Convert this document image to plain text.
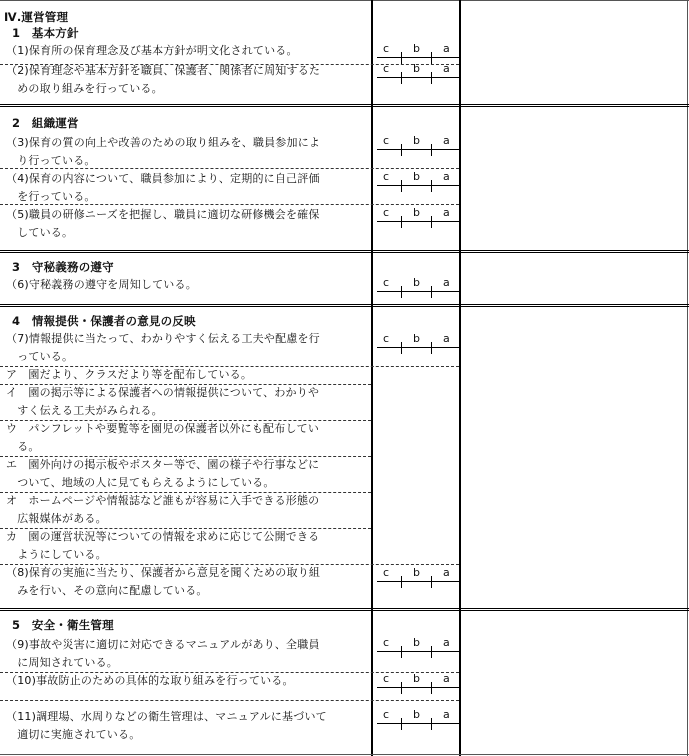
Ⅳ.運営管理
1　基本方針
（1)保育所の保育理念及び基本方針が明文化されている。	c b a
（2)保育理念や基本方針を職員、保護者、関係者に周知するた
　めの取り組みを行っている。
c b a
2　組織運営
（3)保育の質の向上や改善のための取り組みを、職員参加によ
　り行っている。
c b a
（4)保育の内容について、職員参加により、定期的に自己評価
　を行っている。
c b a
（5)職員の研修ニーズを把握し、職員に適切な研修機会を確保
　している。
c b a
3　守秘義務の遵守
（6)守秘義務の遵守を周知している。	c b a
4　情報提供・保護者の意見の反映
（7)情報提供に当たって、わかりやすく伝える工夫や配慮を行
　っている。
c b a
ア　園だより、クラスだより等を配布している。
イ　園の掲示等による保護者への情報提供について、わかりや
　すく伝える工夫がみられる。
ウ　パンフレットや要覧等を園児の保護者以外にも配布してい
　る。
エ　園外向けの掲示板やポスター等で、園の様子や行事などに
　ついて、地域の人に見てもらえるようにしている。
オ　ホームページや情報誌など誰もが容易に入手できる形態の
　広報媒体がある。
カ　園の運営状況等についての情報を求めに応じて公開できる
　ようにしている。
（8)保育の実施に当たり、保護者から意見を聞くための取り組
　みを行い、その意向に配慮している。
c b a
5　安全・衛生管理
（9)事故や災害に適切に対応できるマニュアルがあり、全職員
　に周知されている。
c b a
（10)事故防止のための具体的な取り組みを行っている。	c b a
（11)調理場、水周りなどの衛生管理は、マニュアルに基づいて
　適切に実施されている。
c b a
